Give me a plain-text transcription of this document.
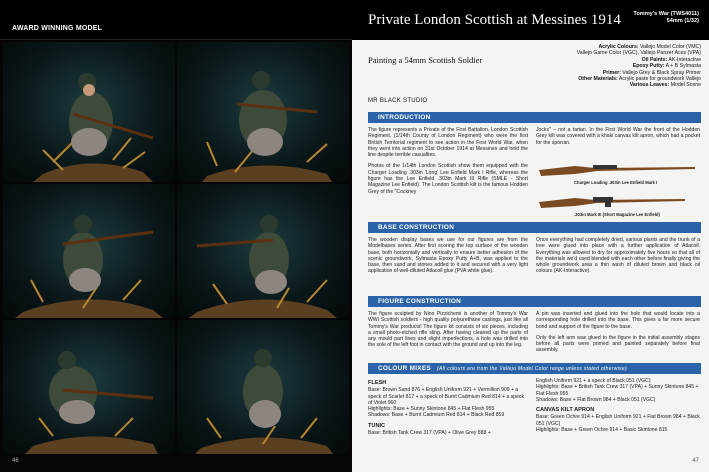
AWARD WINNING MODEL
46
Private London Scottish at Messines 1914 Tommy's War (TWS4011)
54mm (1/32)
Painting a 54mm Scottish Soldier
Acrylic Colours: Vallejo Model Color (VMC)
Vallejo Game Color (VGC), Vallejo Panzer Aces (VPA)
Oil Paints: AK-Interactive
Epoxy Putty: A + B Sylmasta
Primer: Vallejo Grey & Black Spray Primer
Other Materials: Acrylic paste for groundwork Vallejo
Various Leaves: Model Scene
MR BLACK STUDIO
INTRODUCTION

The figure represents a Private of the First Battalion, London Scottish Regiment, (1/14th County of London Regiment) who were the first British Territorial regiment to see action in the First World War, when they went into action on 31st October 1914 at Messines and held the line despite terrible casualties.

Photos of the 1/14th London Scottish show them equipped with the Charger Loading .303in 'Long' Lee Enfield Mark I Rifle, whereas the figure has the Lee Enfield .303in Mark III Rifle (SMLE - Short Magazine Lee Enfield). The London Scottish kilt is the famous Hodden Grey of the "Cockney

Jocks" – not a tartan. In the First World War the front of the Hodden Grey kilt was covered with a khaki canvas kilt apron, which had a pocket for the sporran.

Charger Loading .303in Lee Enfield Mark I
.303in Mark III (Short Magazine Lee Enfield)
BASE CONSTRUCTION

The wooden display bases we use for our figures are from the Modelbases series. After first scoring the top surface of the wooden base, both horizontally and vertically to ensure better adhesion of the scenic groundwork, Sylmasta Epoxy Putty A+B, was applied to the base, then sand and stones added to it and secured with a very light application of well-diluted Atlacoll glue (PVA white glue).

Once everything had completely dried, various plants and the trunk of a tree were glued into place with a further application of Atlacoll. Everything was allowed to dry for approximately five hours so that all of the materials we'd used blended with each other before finally giving the whole groundwork area a thin wash of diluted brown and black oil colours (AK-Interactive).

FIGURE CONSTRUCTION

The figure sculpted by Nino Pizzichemi is another of Tommy's War WWI Scottish soldiers - high quality polyurethane castings, just like all Tommy's War products! The figure kit consists of six pieces, including a small photo-etched rifle sling. After having cleaned up the parts of any mould part lines and slight imperfections, a hole was drilled into the sole of the left foot in contact with the ground and up into the leg.

A pin was inserted and glued into the hole that would locate into a corresponding hole drilled into the base. This gives a far more secure bond and support of the figure to the base.

Only the left arm was glued to the figure in the initial assembly stages before all parts were primed and painted separately before final assembly.

COLOUR MIXES (All colours are from the Vallejo Model Color range unless stated otherwise)
FLESH
Base: Brown Sand 876 + English Uniform 921 + Vermillion 909 + a speck of Scarlet 817 + a speck of Burnt Cadmium Red 814 + a speck of Violet 960
Highlights: Base + Sunny Skintone 845 + Flat Flesh 955
Shadows: Base + Burnt Cadmium Red 814 + Black Red 859
TUNIC
Base: British Tank Crew 317 (VPA) + Olive Grey 888 +
English Uniform 921 + a speck of Black 051 (VGC)
Highlights: Base + British Tank Crew 317 (VPA) + Sunny Skintone 845 + Flat Flesh 955
Shadows: Base + Flat Brown 984 + Black 051 (VGC)
CANVAS KILT APRON
Base: Green Ochre 914 + English Uniform 921 + Flat Brown 984 + Black 051 (VGC)
Highlights: Base + Green Ochre 914 + Basic Skintone 815
47
